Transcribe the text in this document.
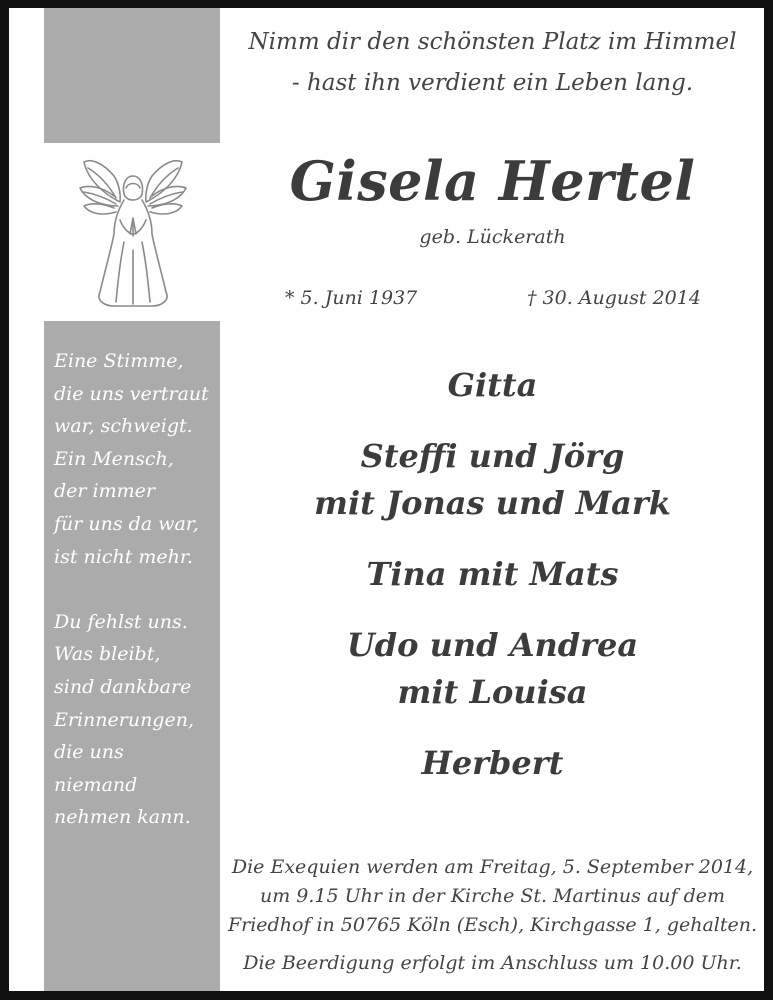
Eine Stimme,
die uns vertraut
war, schweigt.
Ein Mensch,
der immer
für uns da war,
ist nicht mehr.
Du fehlst uns.
Was bleibt,
sind dankbare
Erinnerungen,
die uns
niemand
nehmen kann.
Nimm dir den schönsten Platz im Himmel
- hast ihn verdient ein Leben lang.
Gisela Hertel
geb. Lückerath
* 5. Juni 1937	† 30. August 2014
Gitta
Steffi und Jörg
mit Jonas und Mark
Tina mit Mats
Udo und Andrea
mit Louisa
Herbert
Die Exequien werden am Freitag, 5. September 2014,
um 9.15 Uhr in der Kirche St. Martinus auf dem
Friedhof in 50765 Köln (Esch), Kirchgasse 1, gehalten.
Die Beerdigung erfolgt im Anschluss um 10.00 Uhr.
